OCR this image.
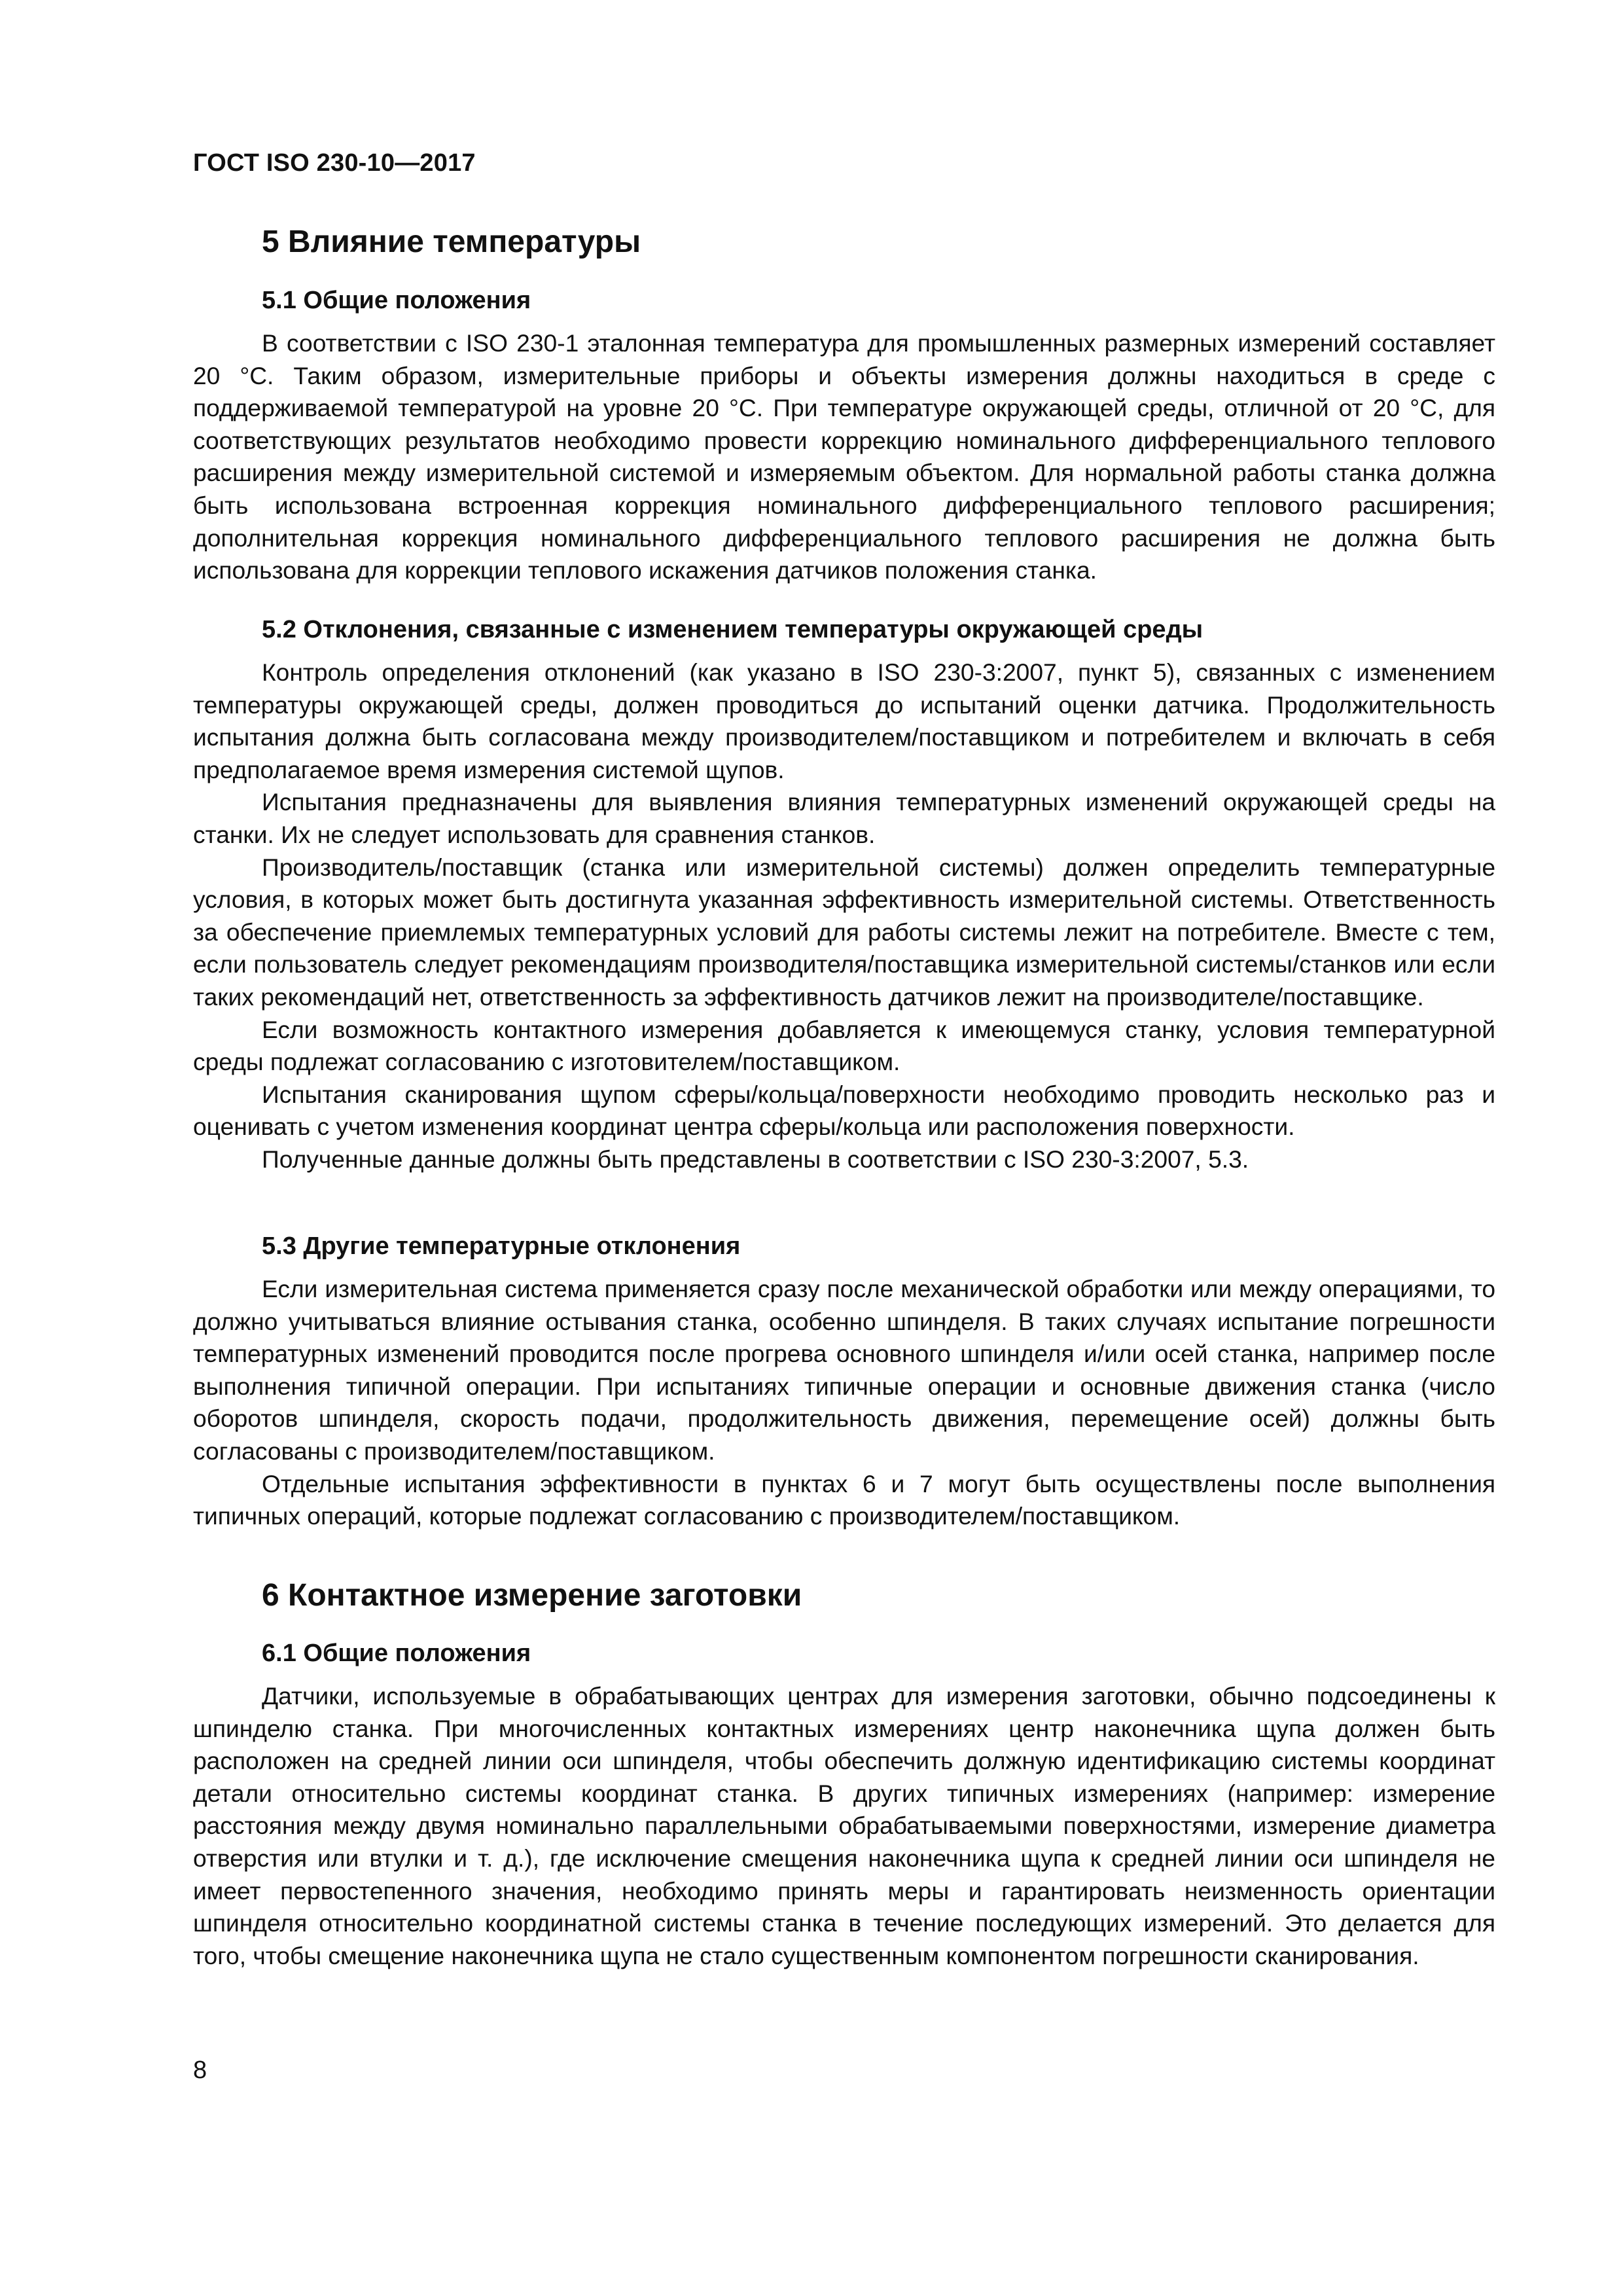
ГОСТ ISO 230-10—2017
5 Влияние температуры
5.1 Общие положения

В соответствии с ISO 230-1 эталонная температура для промышленных размерных измерений составляет 20 °С. Таким образом, измерительные приборы и объекты измерения должны находиться в среде с поддерживаемой температурой на уровне 20 °С. При температуре окружающей среды, отличной от 20 °С, для соответствующих результатов необходимо провести коррекцию номинального дифференциального теплового расширения между измерительной системой и измеряемым объектом. Для нормальной работы станка должна быть использована встроенная коррекция номинального дифференциального теплового расширения; дополнительная коррекция номинального дифференциального теплового расширения не должна быть использована для коррекции теплового искажения датчиков положения станка.

5.2 Отклонения, связанные с изменением температуры окружающей среды

Контроль определения отклонений (как указано в ISO 230-3:2007, пункт 5), связанных с изменением температуры окружающей среды, должен проводиться до испытаний оценки датчика. Продолжительность испытания должна быть согласована между производителем/поставщиком и потребителем и включать в себя предполагаемое время измерения системой щупов.

Испытания предназначены для выявления влияния температурных изменений окружающей среды на станки. Их не следует использовать для сравнения станков.

Производитель/поставщик (станка или измерительной системы) должен определить температурные условия, в которых может быть достигнута указанная эффективность измерительной системы. Ответственность за обеспечение приемлемых температурных условий для работы системы лежит на потребителе. Вместе с тем, если пользователь следует рекомендациям производителя/поставщика измерительной системы/станков или если таких рекомендаций нет, ответственность за эффективность датчиков лежит на производителе/поставщике.

Если возможность контактного измерения добавляется к имеющемуся станку, условия температурной среды подлежат согласованию с изготовителем/поставщиком.

Испытания сканирования щупом сферы/кольца/поверхности необходимо проводить несколько раз и оценивать с учетом изменения координат центра сферы/кольца или расположения поверхности.

Полученные данные должны быть представлены в соответствии с ISO 230-3:2007, 5.3.

5.3 Другие температурные отклонения

Если измерительная система применяется сразу после механической обработки или между операциями, то должно учитываться влияние остывания станка, особенно шпинделя. В таких случаях испытание погрешности температурных изменений проводится после прогрева основного шпинделя и/или осей станка, например после выполнения типичной операции. При испытаниях типичные операции и основные движения станка (число оборотов шпинделя, скорость подачи, продолжительность движения, перемещение осей) должны быть согласованы с производителем/поставщиком.

Отдельные испытания эффективности в пунктах 6 и 7 могут быть осуществлены после выполнения типичных операций, которые подлежат согласованию с производителем/поставщиком.

6 Контактное измерение заготовки
6.1 Общие положения

Датчики, используемые в обрабатывающих центрах для измерения заготовки, обычно подсоединены к шпинделю станка. При многочисленных контактных измерениях центр наконечника щупа должен быть расположен на средней линии оси шпинделя, чтобы обеспечить должную идентификацию системы координат детали относительно системы координат станка. В других типичных измерениях (например: измерение расстояния между двумя номинально параллельными обрабатываемыми поверхностями, измерение диаметра отверстия или втулки и т. д.), где исключение смещения наконечника щупа к средней линии оси шпинделя не имеет первостепенного значения, необходимо принять меры и гарантировать неизменность ориентации шпинделя относительно координатной системы станка в течение последующих измерений. Это делается для того, чтобы смещение наконечника щупа не стало существенным компонентом погрешности сканирования.

8
